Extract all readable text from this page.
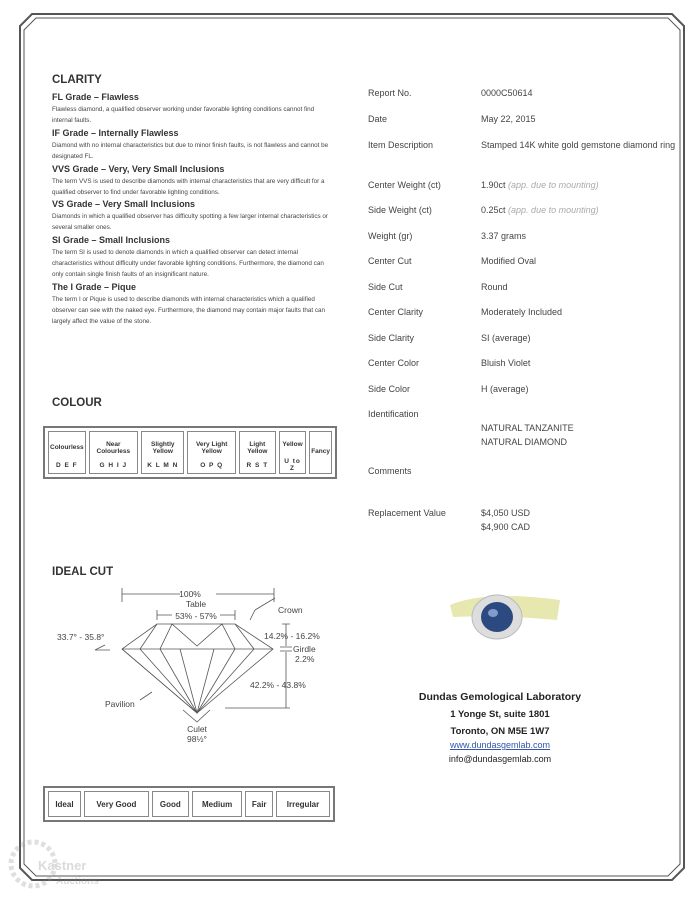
CLARITY
FL Grade – Flawless
Flawless diamond, a qualified observer working under favorable lighting conditions cannot find internal faults.
IF Grade – Internally Flawless
Diamond with no internal characteristics but due to minor finish faults, is not flawless and cannot be designated FL.
VVS Grade – Very, Very Small Inclusions
The term VVS is used to describe diamonds with internal characteristics that are very difficult for a qualified observer to find under favorable lighting conditions.
VS Grade – Very Small Inclusions
Diamonds in which a qualified observer has difficulty spotting a few larger internal characteristics or several smaller ones.
SI Grade – Small Inclusions
The term SI is used to denote diamonds in which a qualified observer can detect internal characteristics without difficulty under favorable lighting conditions. Furthermore, the diamond can only contain single finish faults of an insignificant nature.
The I Grade – Pique
The term I or Pique is used to describe diamonds with internal characteristics which a qualified observer can see with the naked eye. Furthermore, the diamond may contain major faults that can largely affect the value of the stone.
COLOUR
Colourless
D E F

Near Colourless
G H I J

Slightly Yellow
K L M N

Very Light Yellow
O P Q

Light Yellow
R S T

Yellow
U to Z

Fancy
IDEAL CUT
100%
Table
53% - 57%
Crown
33.7° - 35.8°	14.2% - 16.2%
Girdle
2.2%
42.2% - 43.8%
Pavilion
Culet
98½°
Ideal	Very Good	Good	Medium	Fair	Irregular
Report No.	0000C50614
Date	May 22, 2015
Item Description	Stamped 14K white gold gemstone diamond ring
Center Weight (ct)	1.90ct (app. due to mounting)
Side Weight (ct)	0.25ct (app. due to mounting)
Weight (gr)	3.37 grams
Center Cut	Modified Oval
Side Cut	Round
Center Clarity	Moderately Included
Side Clarity	SI (average)
Center Color	Bluish Violet
Side Color	H (average)
Identification
NATURAL TANZANITE
NATURAL DIAMOND
Comments
Replacement Value	$4,050 USD
$4,900 CAD
Dundas Gemological Laboratory
1 Yonge St, suite 1801
Toronto, ON M5E 1W7
www.dundasgemlab.com
info@dundasgemlab.com
Kastner
Auctions
